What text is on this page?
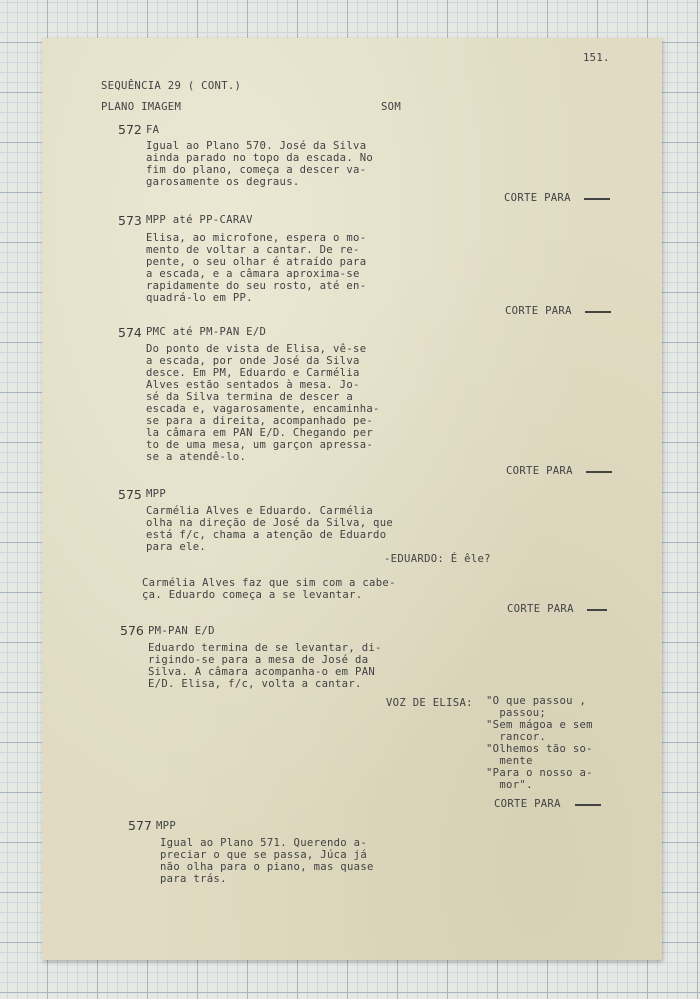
151.
SEQUÊNCIA 29 ( CONT.)
PLANO IMAGEM	SOM
572 FA
Igual ao Plano 570. José da Silva
ainda parado no topo da escada. No
fim do plano, começa a descer va-
garosamente os degraus.
CORTE PARA
573 MPP até PP-CARAV
Elisa, ao microfone, espera o mo-
mento de voltar a cantar. De re-
pente, o seu olhar é atraído para
a escada, e a câmara aproxima-se
rapidamente do seu rosto, até en-
quadrá-lo em PP.
CORTE PARA
574 PMC até PM-PAN E/D
Do ponto de vista de Elisa, vê-se
a escada, por onde José da Silva
desce. Em PM, Eduardo e Carmélia
Alves estão sentados à mesa. Jo-
sé da Silva termina de descer a
escada e, vagarosamente, encaminha-
se para a direita, acompanhado pe-
la câmara em PAN E/D. Chegando per
to de uma mesa, um garçon apressa-
se a atendê-lo.
CORTE PARA
575 MPP
Carmélia Alves e Eduardo. Carmélia
olha na direção de José da Silva, que
está f/c, chama a atenção de Eduardo
para ele.
-EDUARDO: É êle?
Carmélia Alves faz que sim com a cabe-
ça. Eduardo começa a se levantar.
CORTE PARA
576 PM-PAN E/D
Eduardo termina de se levantar, di-
rigindo-se para a mesa de José da
Silva. A câmara acompanha-o em PAN
E/D. Elisa, f/c, volta a cantar.
VOZ DE ELISA: "O que passou ,
passou;
"Sem mágoa e sem
rancor.
"Olhemos tão so-
mente
"Para o nosso a-
mor".
CORTE PARA
577 MPP
Igual ao Plano 571. Querendo a-
preciar o que se passa, Júca já
não olha para o piano, mas quase
para trás.
